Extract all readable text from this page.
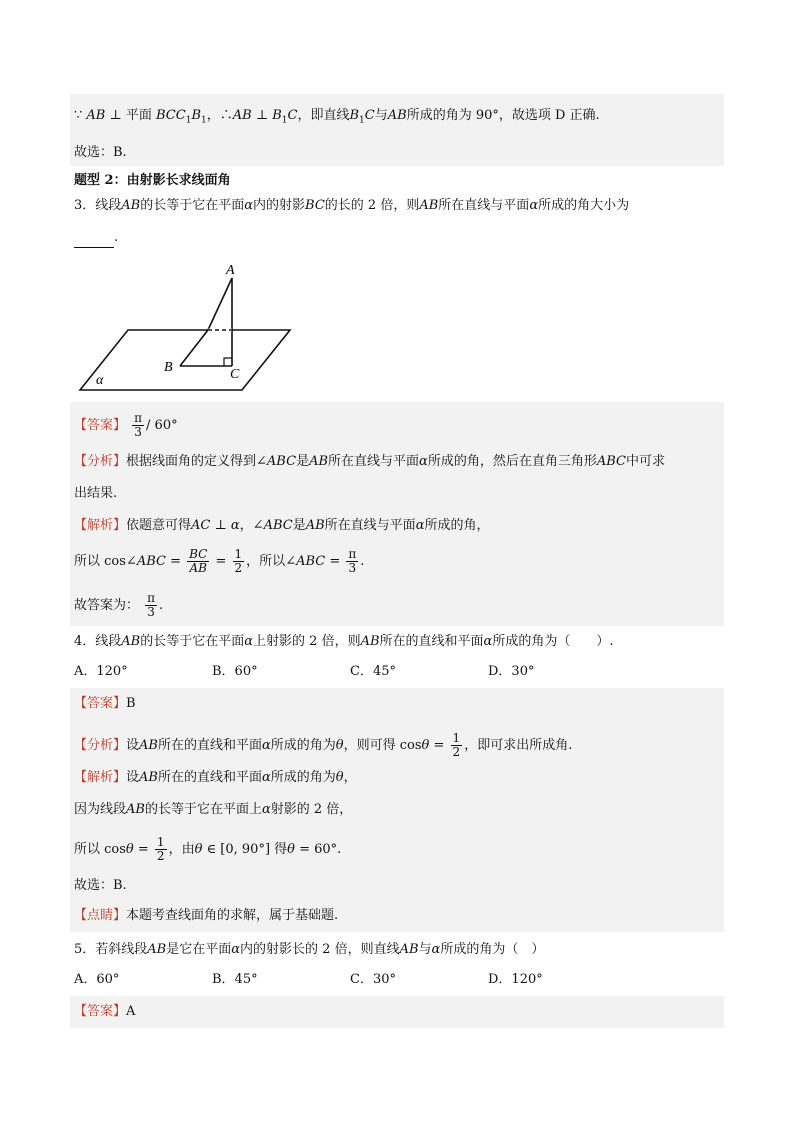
∵ AB ⊥ 平面 $BCC_1B_1$，∴AB ⊥ $B_1C$，即直线$B_1C$与AB所成的角为 90°，故选项 D 正确.
故选：B.
题型 2：由射影长求线面角
3．线段AB的长等于它在平面α内的射影BC的长的 2 倍，则AB所在直线与平面α所成的角大小为
.
A
B	C
α
【答案】 $\frac{\pi}{3} / 60^\circ$
【分析】根据线面角的定义得到∠ABC是AB所在直线与平面α所成的角，然后在直角三角形ABC中可求
出结果.
【解析】依题意可得AC ⊥ α，∠ABC是AB所在直线与平面α所成的角，
所以 cos∠ABC = $\frac{BC}{AB} = \frac{1}{2}$ ，所以∠ABC = $\frac{\pi}{3}$ .
故答案为： $\frac{\pi}{3}$ .
4．线段AB的长等于它在平面α上射影的 2 倍，则AB所在的直线和平面α所成的角为（　　）.
A．120°	B．60°	C．45°	D．30°
【答案】B
【分析】设AB所在的直线和平面α所成的角为θ，则可得 $\cos\theta = \frac{1}{2}$ ，即可求出所成角.
【解析】设AB所在的直线和平面α所成的角为θ，
因为线段AB的长等于它在平面上α射影的 2 倍，
所以 $\cos\theta = \frac{1}{2}$ ，由θ ∈ [0, 90°] 得θ = 60°.
故选：B.
【点睛】本题考查线面角的求解，属于基础题.
5．若斜线段AB是它在平面α内的射影长的 2 倍，则直线AB与α所成的角为（　）
A．60°	B．45°	C．30°	D．120°
【答案】A
